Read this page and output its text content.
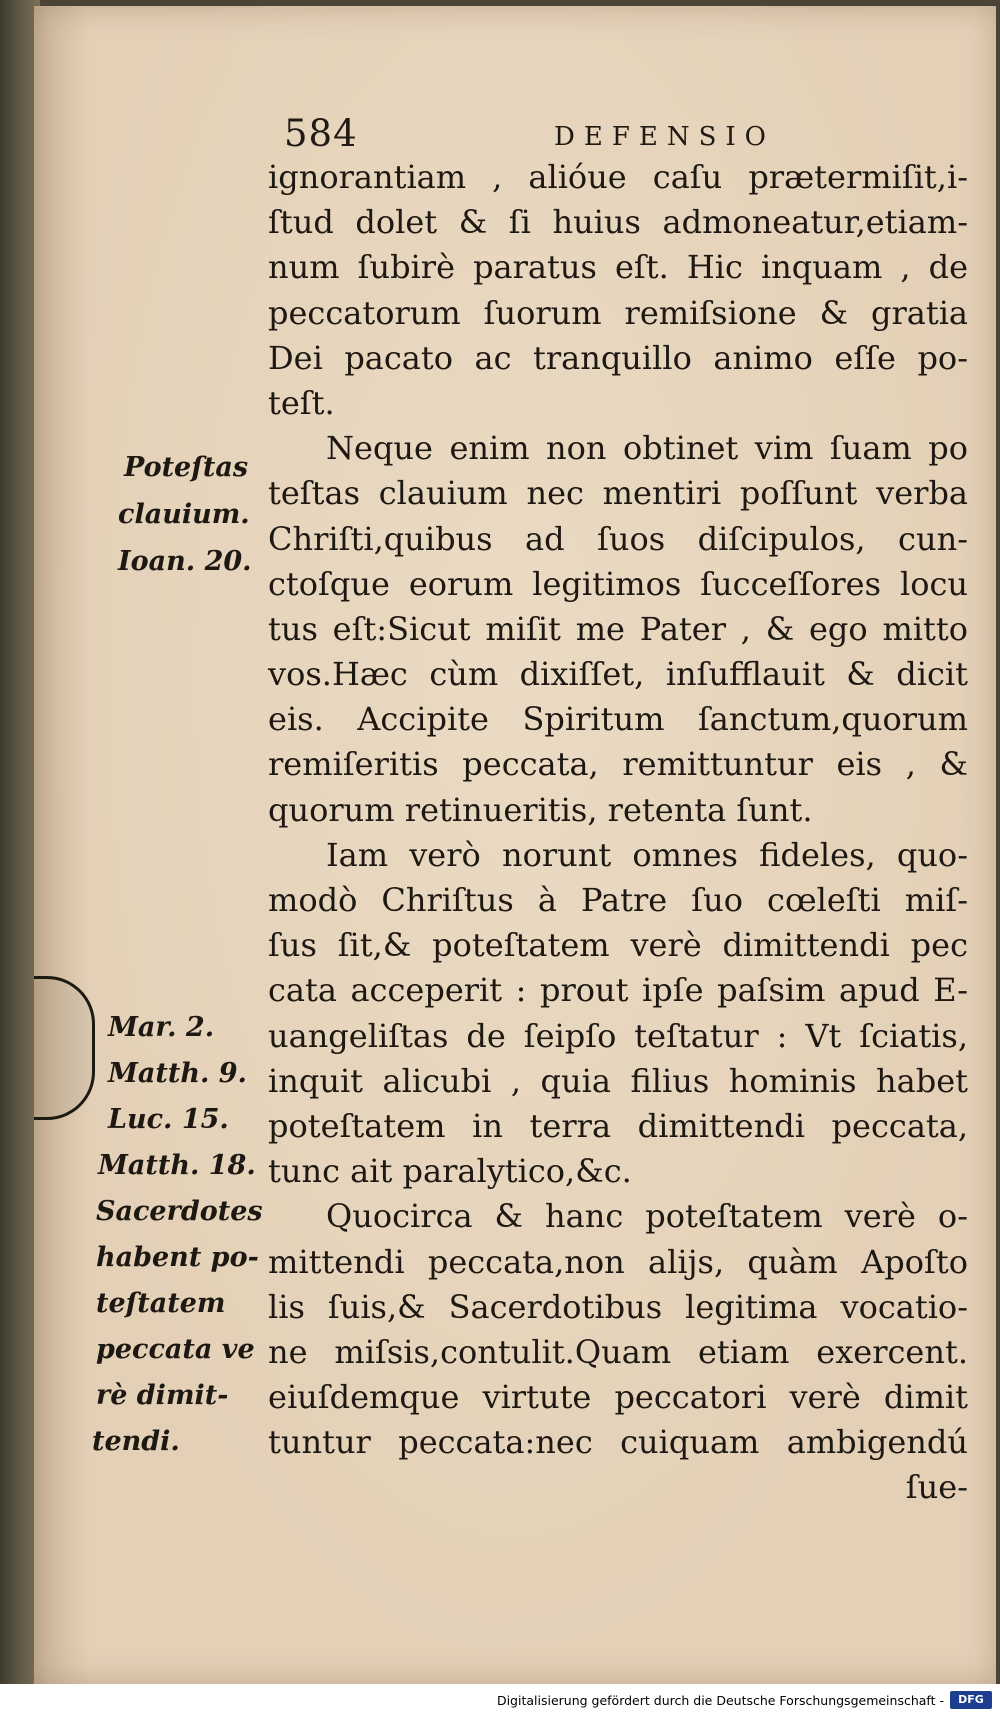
584	DEFENSIO
ignorantiam , alióue caſu prætermiſit,i-
ſtud dolet & ſi huius admoneatur,etiam-
num ſubirè paratus eſt. Hic inquam , de
peccatorum ſuorum remiſsione & gratia
Dei pacato ac tranquillo animo eſſe po-
teſt.
Neque enim non obtinet vim ſuam po
teſtas clauium nec mentiri poſſunt verba
Chriſti,quibus ad ſuos diſcipulos, cun-
ctoſque eorum legitimos ſucceſſores locu
tus eſt:Sicut miſit me Pater , & ego mitto
vos.Hæc cùm dixiſſet, inſufflauit & dicit
eis. Accipite Spiritum ſanctum,quorum
remiſeritis peccata, remittuntur eis , &
quorum retinueritis, retenta ſunt.
Iam verò norunt omnes fideles, quo-
modò Chriſtus à Patre ſuo cœleſti miſ-
ſus ſit,& poteſtatem verè dimittendi pec
cata acceperit : prout ipſe paſsim apud E-
uangeliſtas de ſeipſo teſtatur : Vt ſciatis,
inquit alicubi , quia filius hominis habet
poteſtatem in terra dimittendi peccata,
tunc ait paralytico,&c.
Quocirca & hanc poteſtatem verè o-
mittendi peccata,non alijs, quàm Apoſto
lis ſuis,& Sacerdotibus legitima vocatio-
ne miſsis,contulit.Quam etiam exercent.
eiuſdemque virtute peccatori verè dimit
tuntur peccata:nec cuiquam ambigendú
ſue-
Poteſtas
clauium.
Ioan. 20.
Mar. 2.
Matth. 9.
Luc. 15.
Matth. 18.
Sacerdotes
habent po-
teſtatem
peccata ve
rè dimit-
tendi.
Digitalisierung gefördert durch die Deutsche Forschungsgemeinschaft -	DFG
